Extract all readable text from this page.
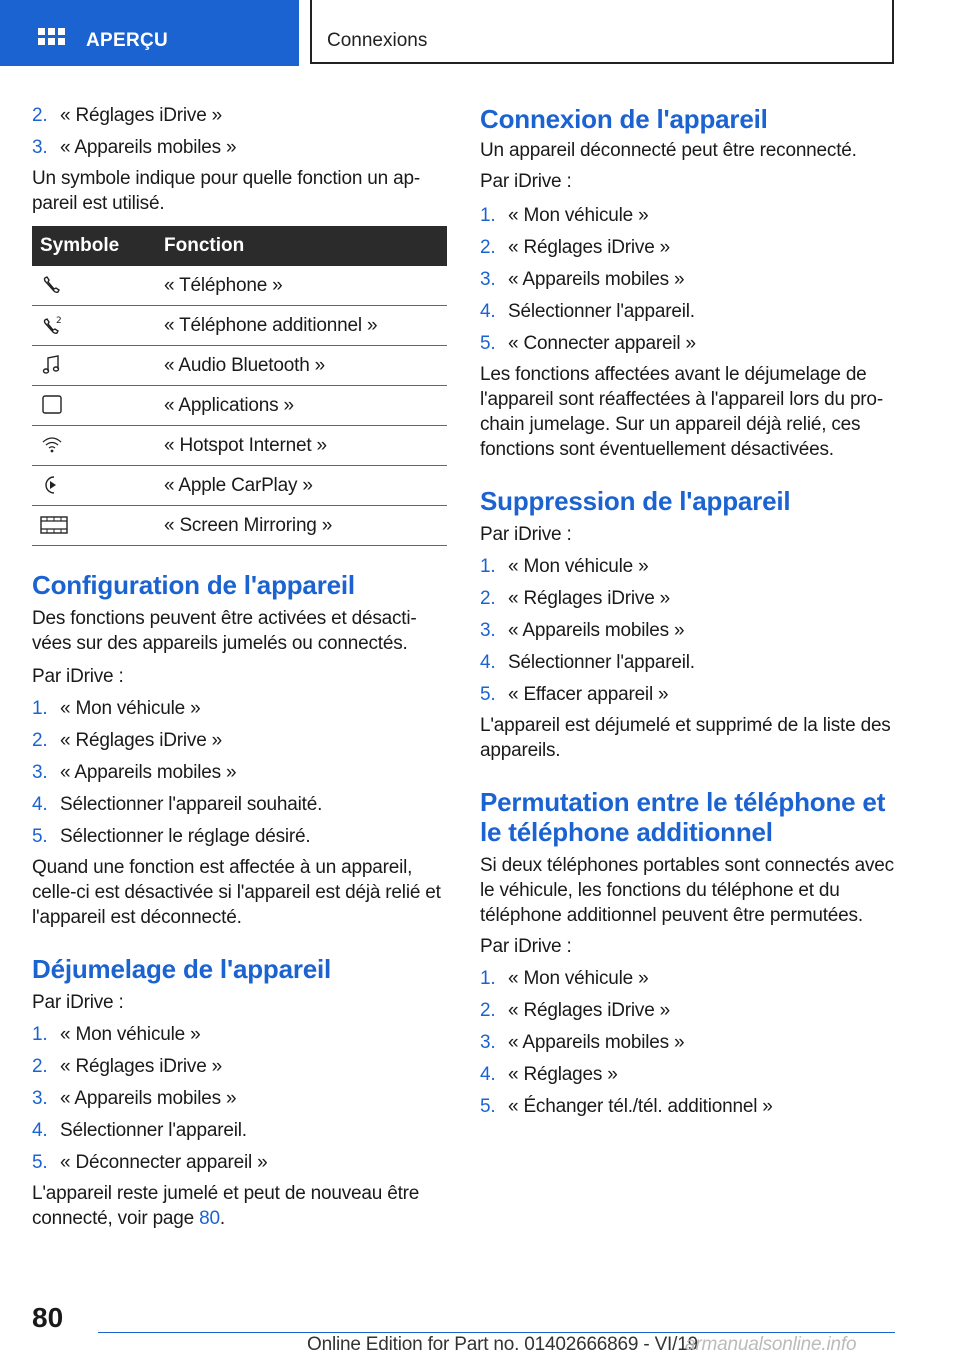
APERÇU	Connexions
2. « Réglages iDrive »
3. « Appareils mobiles »

Un symbole indique pour quelle fonction un appareil est utilisé.

Symbole	Fonction
	« Téléphone »

2	« Téléphone additionnel »
	« Audio Bluetooth »
	« Applications »
	« Hotspot Internet »
	« Apple CarPlay »
	« Screen Mirroring »
Configuration de l'appareil

Des fonctions peuvent être activées et désactivées sur des appareils jumelés ou connectés.

Par iDrive :

1. « Mon véhicule »
2. « Réglages iDrive »
3. « Appareils mobiles »
4. Sélectionner l'appareil souhaité.
5. Sélectionner le réglage désiré.

Quand une fonction est affectée à un appareil, celle-ci est désactivée si l'appareil est déjà relié et l'appareil est déconnecté.

Déjumelage de l'appareil

Par iDrive :

1. « Mon véhicule »
2. « Réglages iDrive »
3. « Appareils mobiles »
4. Sélectionner l'appareil.
5. « Déconnecter appareil »

L'appareil reste jumelé et peut de nouveau être connecté, voir page 80.

Connexion de l'appareil

Un appareil déconnecté peut être reconnecté.

Par iDrive :

1. « Mon véhicule »
2. « Réglages iDrive »
3. « Appareils mobiles »
4. Sélectionner l'appareil.
5. « Connecter appareil »

Les fonctions affectées avant le déjumelage de l'appareil sont réaffectées à l'appareil lors du prochain jumelage. Sur un appareil déjà relié, ces fonctions sont éventuellement désactivées.

Suppression de l'appareil

Par iDrive :

1. « Mon véhicule »
2. « Réglages iDrive »
3. « Appareils mobiles »
4. Sélectionner l'appareil.
5. « Effacer appareil »

L'appareil est déjumelé et supprimé de la liste des appareils.

Permutation entre le téléphone et le téléphone additionnel

Si deux téléphones portables sont connectés avec le véhicule, les fonctions du téléphone et du téléphone additionnel peuvent être permutées.

Par iDrive :

1. « Mon véhicule »
2. « Réglages iDrive »
3. « Appareils mobiles »
4. « Réglages »
5. « Échanger tél./tél. additionnel »
80
Online Edition for Part no. 01402666869 - VI/19
armanualsonline.info
